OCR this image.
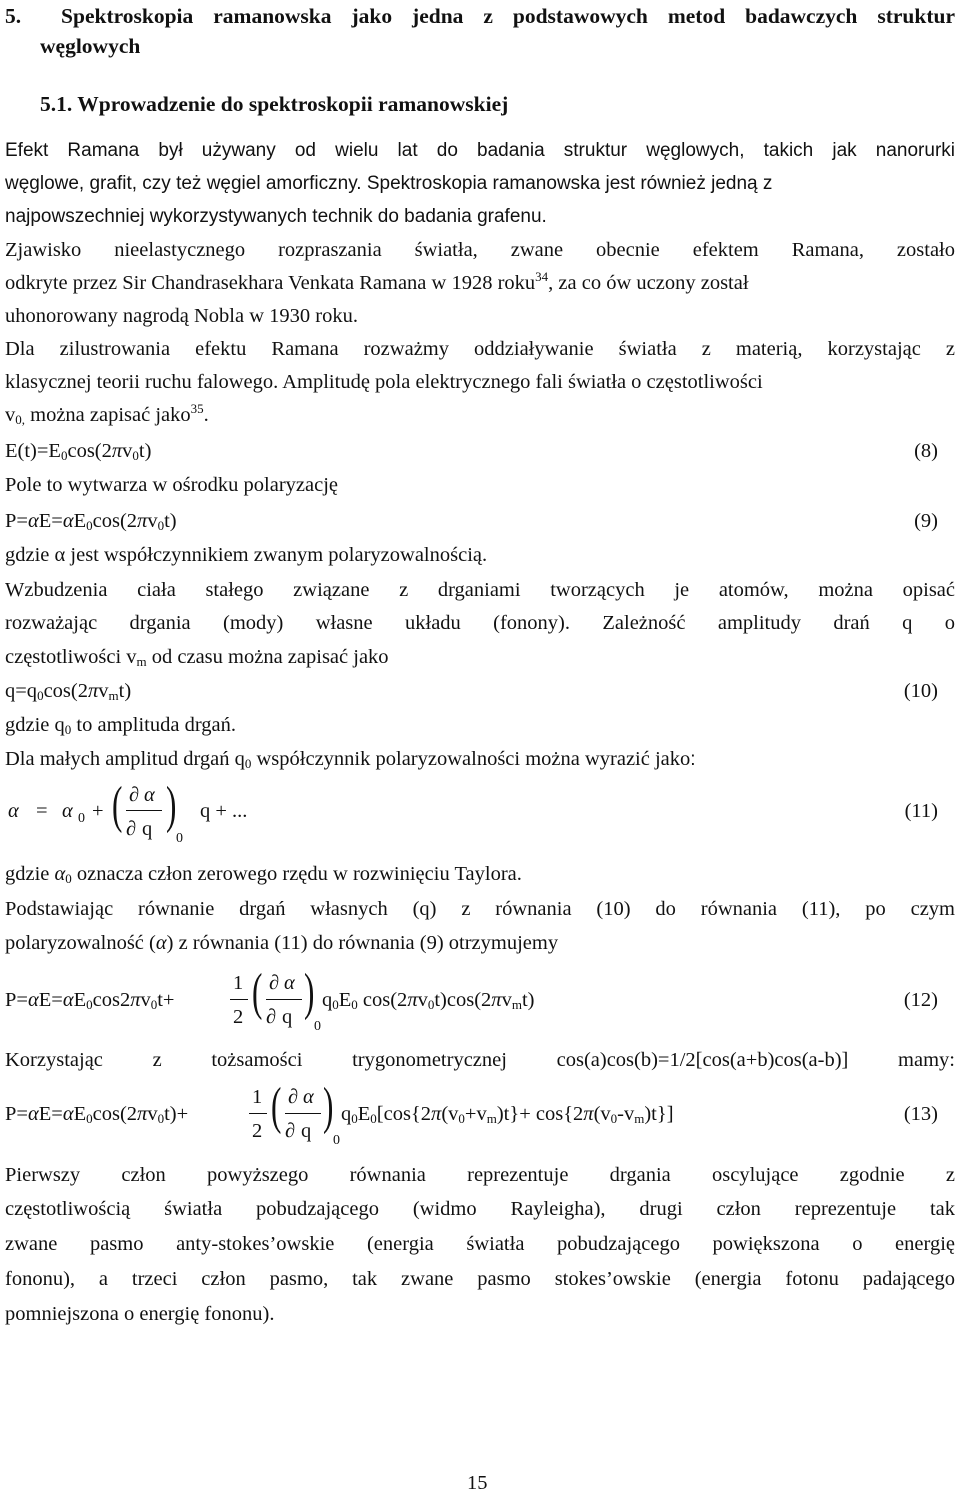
5.  Spektroskopia ramanowska jako jedna z podstawowych metod badawczych struktur
węglowych
5.1. Wprowadzenie do spektroskopii ramanowskiej
Efekt Ramana był używany od wielu lat do badania struktur węglowych, takich jak nanorurki
węglowe, grafit, czy też węgiel amorficzny. Spektroskopia ramanowska jest również jedną z
najpowszechniej wykorzystywanych technik do badania grafenu.
Zjawisko nieelastycznego rozpraszania światła, zwane obecnie efektem Ramana, zostało
odkryte przez Sir Chandrasekhara Venkata Ramana w 1928 roku$^{34}$, za co ów uczony został
uhonorowany nagrodą Nobla w 1930 roku.
Dla zilustrowania efektu Ramana rozważmy oddziaływanie światła z materią, korzystając z
klasycznej teorii ruchu falowego. Amplitudę pola elektrycznego fali światła o częstotliwości
$v_{0,}$ można zapisać jako$^{35}$.
$E(t)=E_0\cos(2\pi v_0t)$	(8)
Pole to wytwarza w ośrodku polaryzację
$P=\alpha E=\alpha E_0\cos(2\pi v_0t)$	(9)
gdzie α jest współczynnikiem zwanym polaryzowalnością.
Wzbudzenia ciała stałego związane z drganiami tworzących je atomów, można opisać
rozważając drgania (mody) własne układu (fonony). Zależność amplitudy drań q o
częstotliwości $v_m$ od czasu można zapisać jako
$q=q_0\cos(2\pi v_mt)$	(10)
gdzie $q_0$ to amplituda drgań.
Dla małych amplitud drgań $q_0$ współczynnik polaryzowalności można wyrazić jako:
α = α 0 + ( ∂ α
∂ q )
0
q + ...	(11)
gdzie $\alpha_0$ oznacza człon zerowego rzędu w rozwinięciu Taylora.
Podstawiając równanie drgań własnych (q) z równania (10) do równania (11), po czym
polaryzowalność (α) z równania (11) do równania (9) otrzymujemy
$P=\alpha E=\alpha E_0\cos 2\pi v_0t+$
1
2 ( ∂ α
∂ q )
0
$q_0E_0$ $\cos(2\pi v_0t)\cos(2\pi v_mt)$	(12)
Korzystając z tożsamości trygonometrycznej cos(a)cos(b)=1/2[cos(a+b)cos(a-b)] mamy:
$P=\alpha E=\alpha E_0\cos(2\pi v_0t)+$
1
2 ( ∂ α
∂ q )
0
$q_0E_0[\cos\{2\pi(v_0+v_m)t\}+ \cos\{2\pi(v_0-v_m)t\}]$	(13)
Pierwszy człon powyższego równania reprezentuje drgania oscylujące zgodnie z
częstotliwością światła pobudzającego (widmo Rayleigha), drugi człon reprezentuje tak
zwane pasmo anty-stokes’owskie (energia światła pobudzającego powiększona o energię
fononu), a trzeci człon pasmo, tak zwane pasmo stokes’owskie (energia fotonu padającego
pomniejszona o energię fononu).
15
